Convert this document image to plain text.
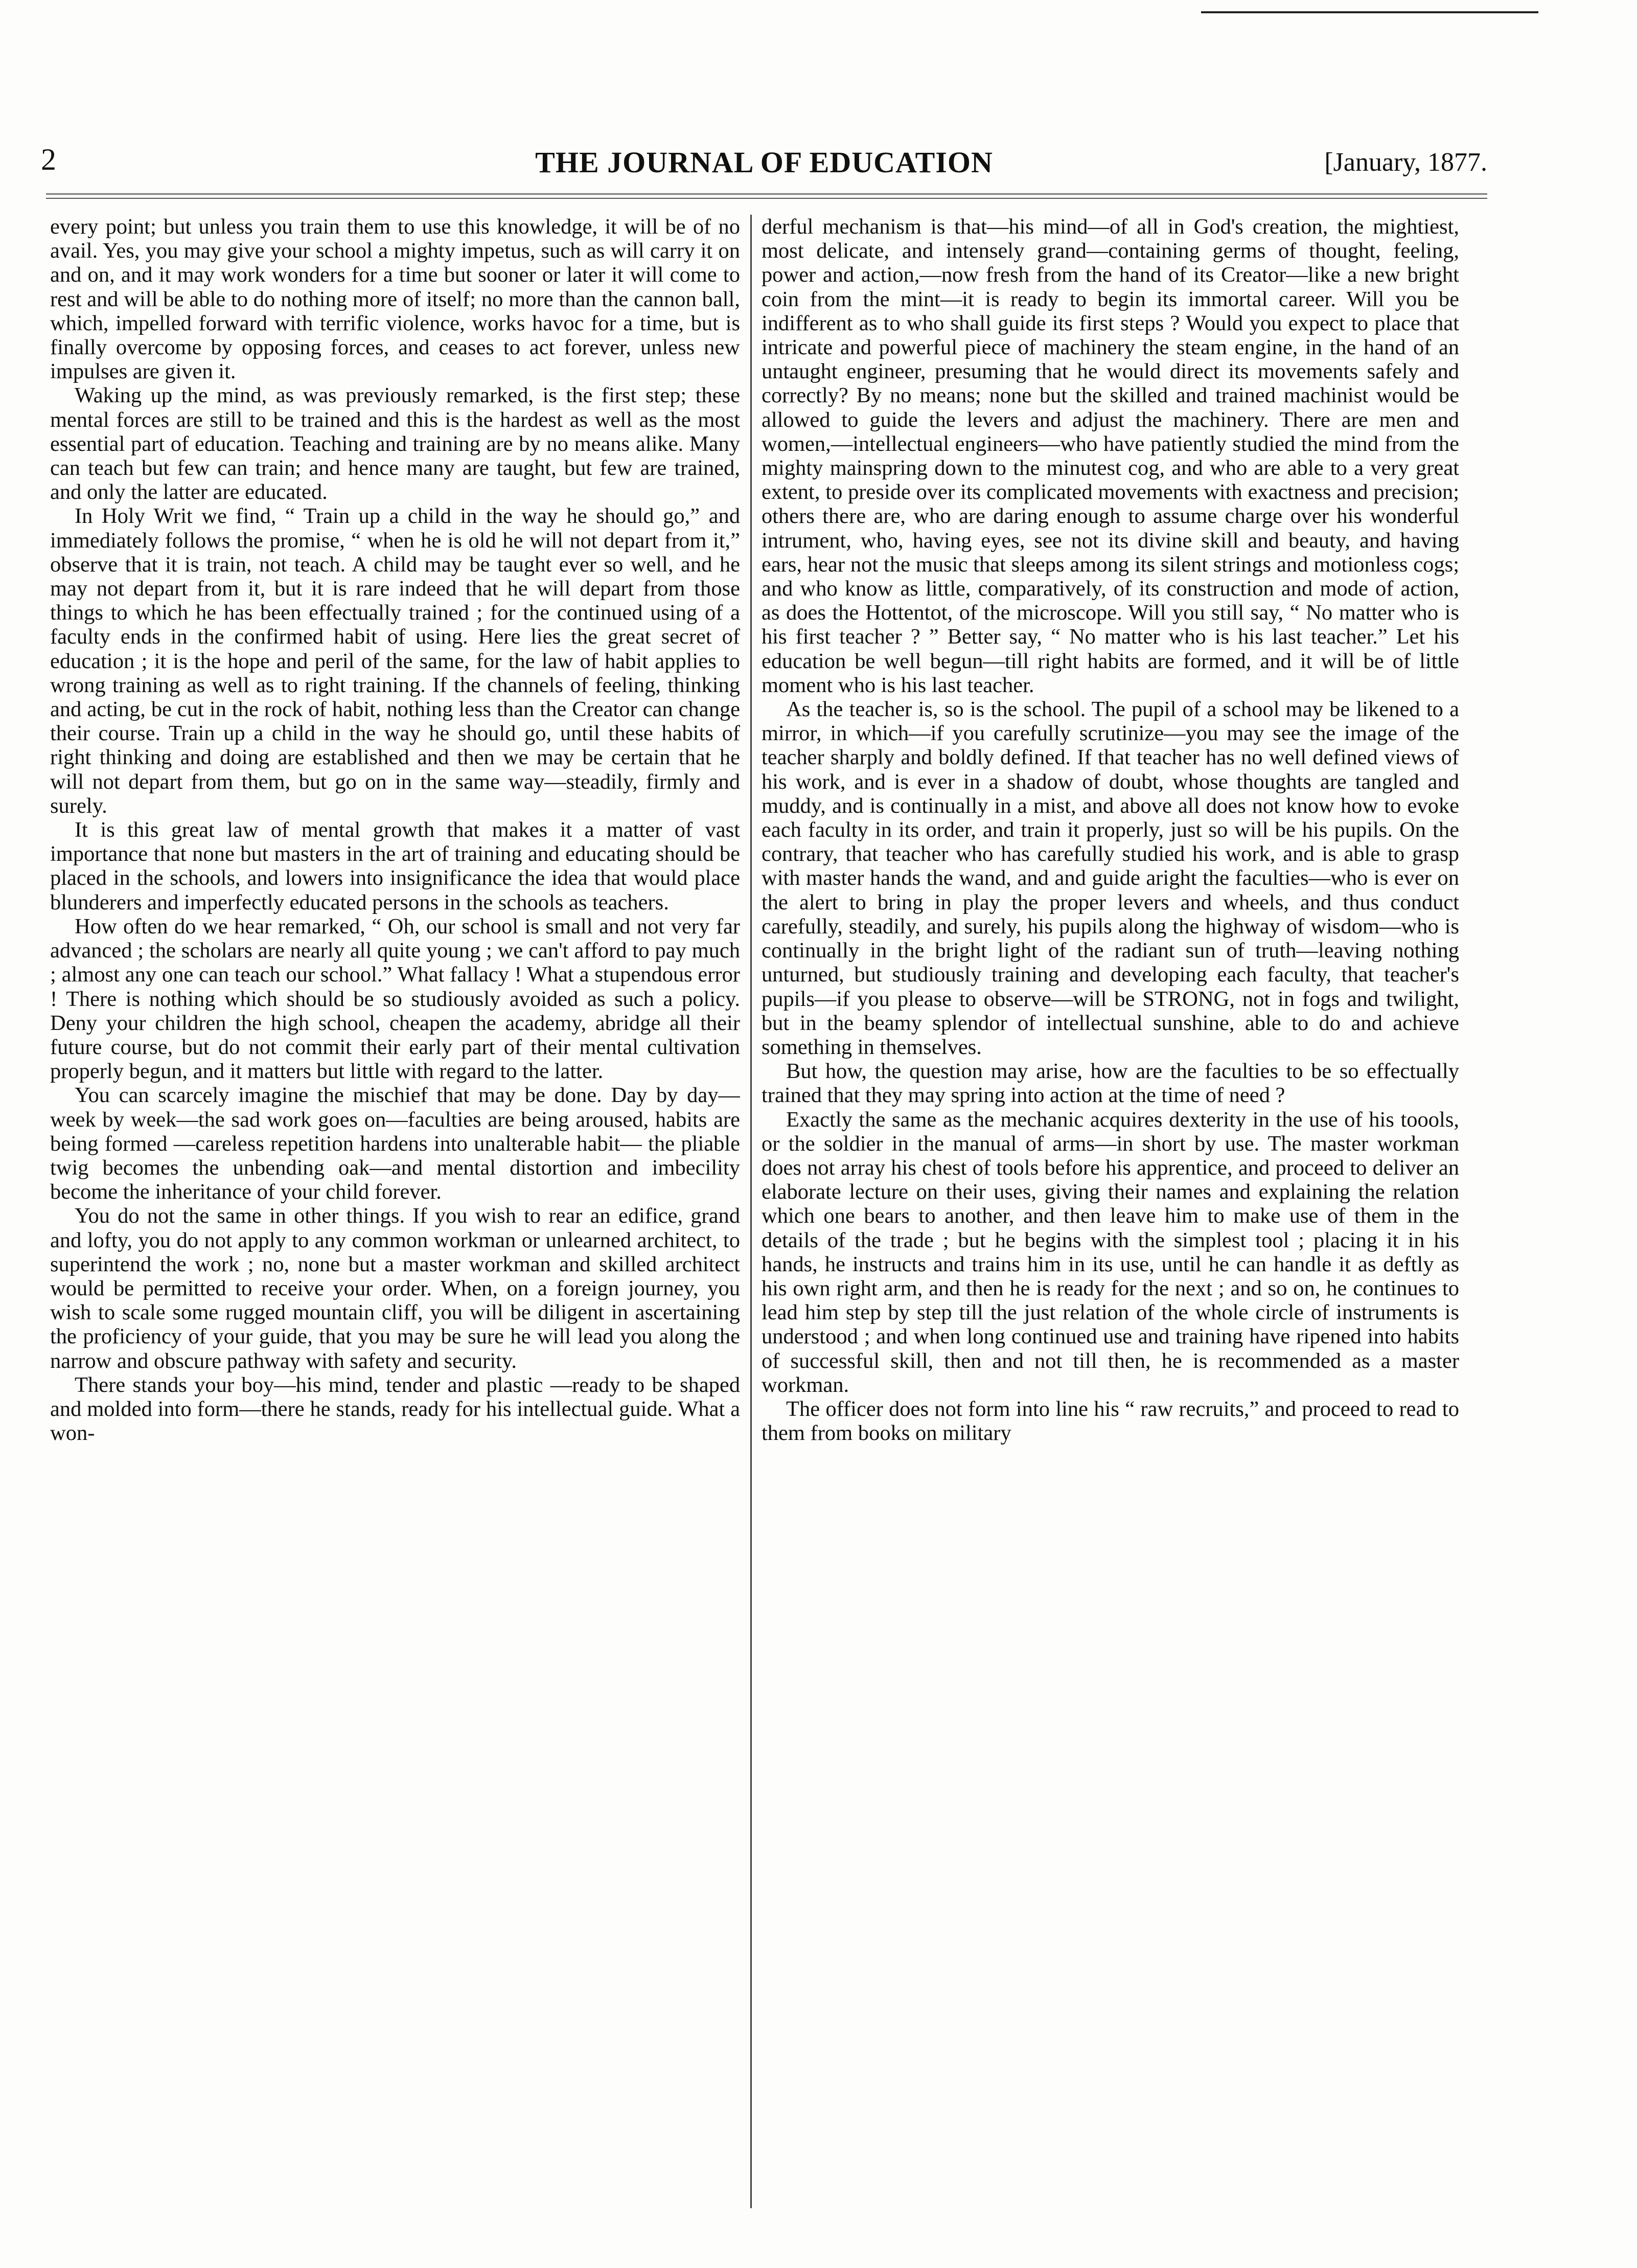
2	THE JOURNAL OF EDUCATION	[January, 1877.

every point; but unless you train them to use this knowledge, it will be of no avail. Yes, you may give your school a mighty impetus, such as will carry it on and on, and it may work wonders for a time but sooner or later it will come to rest and will be able to do nothing more of itself; no more than the cannon ball, which, impelled forward with terrific violence, works havoc for a time, but is finally overcome by opposing forces, and ceases to act forever, unless new impulses are given it.

Waking up the mind, as was previously remarked, is the first step; these mental forces are still to be trained and this is the hardest as well as the most essential part of education. Teaching and training are by no means alike. Many can teach but few can train; and hence many are taught, but few are trained, and only the latter are educated.

In Holy Writ we find, “ Train up a child in the way he should go,” and immediately follows the promise, “ when he is old he will not depart from it,” observe that it is train, not teach. A child may be taught ever so well, and he may not depart from it, but it is rare indeed that he will depart from those things to which he has been effectually trained ; for the continued using of a faculty ends in the confirmed habit of using. Here lies the great secret of education ; it is the hope and peril of the same, for the law of habit applies to wrong training as well as to right training. If the channels of feeling, thinking and acting, be cut in the rock of habit, nothing less than the Creator can change their course. Train up a child in the way he should go, until these habits of right thinking and doing are established and then we may be certain that he will not depart from them, but go on in the same way—steadily, firmly and surely.

It is this great law of mental growth that makes it a matter of vast importance that none but masters in the art of training and educating should be placed in the schools, and lowers into insignificance the idea that would place blunderers and imperfectly educated persons in the schools as teachers.

How often do we hear remarked, “ Oh, our school is small and not very far advanced ; the scholars are nearly all quite young ; we can't afford to pay much ; almost any one can teach our school.” What fallacy ! What a stupendous error ! There is nothing which should be so studiously avoided as such a policy. Deny your children the high school, cheapen the academy, abridge all their future course, but do not commit their early part of their mental cultivation properly begun, and it matters but little with regard to the latter.

You can scarcely imagine the mischief that may be done. Day by day—week by week—the sad work goes on—faculties are being aroused, habits are being formed —careless repetition hardens into unalterable habit— the pliable twig becomes the unbending oak—and mental distortion and imbecility become the inheritance of your child forever.

You do not the same in other things. If you wish to rear an edifice, grand and lofty, you do not apply to any common workman or unlearned architect, to superintend the work ; no, none but a master workman and skilled architect would be permitted to receive your order. When, on a foreign journey, you wish to scale some rugged mountain cliff, you will be diligent in ascertaining the proficiency of your guide, that you may be sure he will lead you along the narrow and obscure pathway with safety and security.

There stands your boy—his mind, tender and plastic —ready to be shaped and molded into form—there he stands, ready for his intellectual guide. What a won-

derful mechanism is that—his mind—of all in God's creation, the mightiest, most delicate, and intensely grand—containing germs of thought, feeling, power and action,—now fresh from the hand of its Creator—like a new bright coin from the mint—it is ready to begin its immortal career. Will you be indifferent as to who shall guide its first steps ? Would you expect to place that intricate and powerful piece of machinery the steam engine, in the hand of an untaught engineer, presuming that he would direct its movements safely and correctly? By no means; none but the skilled and trained machinist would be allowed to guide the levers and adjust the machinery. There are men and women,—intellectual engineers—who have patiently studied the mind from the mighty mainspring down to the minutest cog, and who are able to a very great extent, to preside over its complicated movements with exactness and precision; others there are, who are daring enough to assume charge over his wonderful intrument, who, having eyes, see not its divine skill and beauty, and having ears, hear not the music that sleeps among its silent strings and motionless cogs; and who know as little, comparatively, of its construction and mode of action, as does the Hottentot, of the microscope. Will you still say, “ No matter who is his first teacher ? ” Better say, “ No matter who is his last teacher.” Let his education be well begun—till right habits are formed, and it will be of little moment who is his last teacher.

As the teacher is, so is the school. The pupil of a school may be likened to a mirror, in which—if you carefully scrutinize—you may see the image of the teacher sharply and boldly defined. If that teacher has no well defined views of his work, and is ever in a shadow of doubt, whose thoughts are tangled and muddy, and is continually in a mist, and above all does not know how to evoke each faculty in its order, and train it properly, just so will be his pupils. On the contrary, that teacher who has carefully studied his work, and is able to grasp with master hands the wand, and and guide aright the faculties—who is ever on the alert to bring in play the proper levers and wheels, and thus conduct carefully, steadily, and surely, his pupils along the highway of wisdom—who is continually in the bright light of the radiant sun of truth—leaving nothing unturned, but studiously training and developing each faculty, that teacher's pupils—if you please to observe—will be STRONG, not in fogs and twilight, but in the beamy splendor of intellectual sunshine, able to do and achieve something in themselves.

But how, the question may arise, how are the faculties to be so effectually trained that they may spring into action at the time of need ?

Exactly the same as the mechanic acquires dexterity in the use of his toools, or the soldier in the manual of arms—in short by use. The master workman does not array his chest of tools before his apprentice, and proceed to deliver an elaborate lecture on their uses, giving their names and explaining the relation which one bears to another, and then leave him to make use of them in the details of the trade ; but he begins with the simplest tool ; placing it in his hands, he instructs and trains him in its use, until he can handle it as deftly as his own right arm, and then he is ready for the next ; and so on, he continues to lead him step by step till the just relation of the whole circle of instruments is understood ; and when long continued use and training have ripened into habits of successful skill, then and not till then, he is recommended as a master workman.

The officer does not form into line his “ raw recruits,” and proceed to read to them from books on military
